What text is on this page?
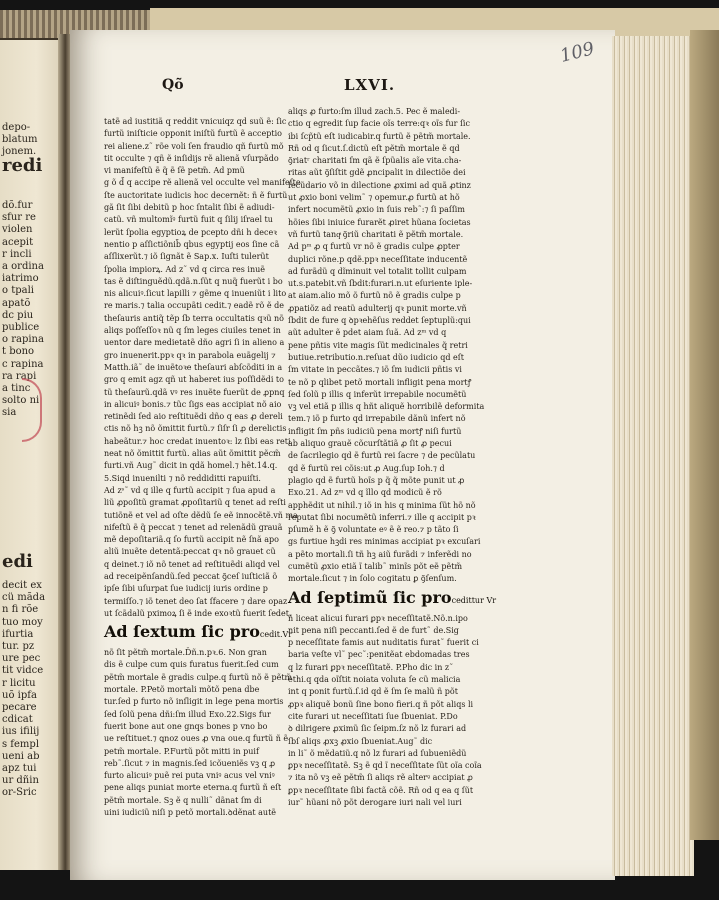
depo-
blatum
jonem.
redi
dõ.fur
sfur re
violen
acepit
r incli
a ordina
iatrimo
o tpali
apatõ
dc piu
publice
o rapina
t bono
c rapina
ra rapi
a tinc
solto ni
sia
edi
decit ex
cü mãda
n fi rõe
tuo moy
ifurtia
tur. pz
ure pec
tit vidce
r licitu
uõ ipfa
pecare
cdicat
ius ifilij
s fempl
ueni ab
apz tui
ur dñin
or-Sric
Qõ	LXVI.
109

tatẽ ad iustitiã q reddit vnicuiqz qd suũ ẽ: ſic

furtũ iniſticie opponit iniſtũ furtũ ẽ acceptio

rei aliene.z˜ rõe voli ſen fraudio qñ furtũ mõ

tit occulte ⁊ qñ ẽ inſidijs rẽ alienã vſurpãdo

vi manifeſtũ ẽ q̃ ẽ ſẽ petm̃. Ad pmũ

g õ d̃ q accipe rẽ alienã vel occulte vel manifeſte

ſte auctoritate iudicis hoc decernẽt: ñ ẽ furtũ

gã ſit ſibi debitũ p hoc ſntalit ſibi ẽ adiudi-

catũ. vñ multomĩꝰ furtũ fuit q ſilij iſrael tu

lerũt ſpolia egyptioꝝ de pcepto dñi h deceꝛ

nentio p aſſictiõnib̃ qbus egyptij eos ſine cã

aſſlixerũt.⁊ iõ ſignãt ẽ Sap.x. Iuſti tulerũt

ſpolia impiorꝝ. Ad z˜ vd q circa res inuẽ

tas ẽ diſtinguẽdũ.qdã.n.ſũt q nuq̃ fuerũt i bo

nis alicuiꝰ.ſicut lapilli ⁊ gẽme q inueniũt i lito

re maris.⁊ talia occupãti cedit.⁊ eadẽ rõ ẽ de

theſauris antiq̃ tẽp ſb terra occultatis qꝛũ nõ

aliqs poſſeſſoꝛ nũ q ſm leges ciuiles tenet in

uentor dare medietatẽ dño agri ſi in alieno a

gro inuenerit.ppꝛ qꝛ in parabola euãgelij ⁊

Matth.iã˜ de inuẽtoꝛe theſauri abſcõditi in a

gro q emit agz qñ ut haberet ius poſſidẽdi to

tũ theſaurũ.qdã vꝰ res inuẽte fuerũt de ꝓpnq

in alicuiꝰ bonis.⁊ tũc ſigs eas accipiat nõ aio

retinẽdi ſed aio reſtituẽdi dño q eas ꝓ dereli

ctis nõ hꝫ nõ õmittit furtũ.⁊ ſiſr ſi ꝓ derelictis

habeãtur.⁊ hoc credat inuentoꝛ: lz ſibi eas reti

neat nõ õmittit furtũ. alias aũt õmittit pẽcm̃

furti.vñ Aug˜ dicit in qdã homel.⁊ hẽt.14.q.

5.Siqd inuenilti ⁊ nõ reddiditti rapuiſti.

Ad zˢ˜ vd q ille q furtũ accipit ⁊ ſua apud a

liũ ꝓpoſitũ gramat ꝓpoſitariũ q tenet ad reſti

tutiõnẽ et vel ad oſte dẽdũ ſe eẽ innocẽtẽ.vñ ma

nifeſtũ ẽ q̃ peccat ⁊ tenet ad relenãdũ grauã

mẽ depoſitariã.q ſo furtũ accipit nẽ ſnã apo

aliũ inuẽte detentã:peccat qꝛ nõ grauet cũ

q deinet.⁊ iõ nõ tenet ad reſtituẽdi aliqd vel

ad receipẽnſandũ.ſed peccat ꝯ̃ceſ iuſticiã õ

ipſe ſibi uſurpat ſue iudicij iuris ordine p

termiſſo.⁊ iõ tenet deo ſat ſfacere ⁊ dare opaz

ut ſcãdalũ pximoꝝ ſi ẽ inde exoꝛtũ fuerit ſedet.

Ad ſextum ſic procedit.Vr

nõ ſit pẽtm̃ mortale.Ďñ.n.pꝛ.6. Non gran

dis ẽ culpe cum quis furatus fuerit.ſed cum

pẽtm̃ mortale ẽ gradis culpe.q furtũ nõ ẽ pẽtm̃

mortale. P.Petõ mortali mõtõ pena dbe

tur.ſed p furto nõ inſligit in lege pena mortis

ſed ſolũ pena dñi:ſm illud Exo.22.Sigs fur

fuerit bone aut one gnqs bones p vno bo

ue reſtituet.⁊ ꝗnoz oues ꝓ vna oue.q furtũ ñ ẽ

petm̃ mortale. P.Furtũ põt mitti in puif

reb˜.ſicut ⁊ in magnis.ſed icõueniẽs vꝫ q ꝓ

furto alicuiꝰ puẽ rei puta vniꝰ acus vel vniꝰ

pene aliqs puniat morte eterna.q furtũ ñ eſt

pẽtm̃ mortale. Sꝫ ẽ q nulli˜ dãnat ſm di

uini iudiciũ niſi p petõ mortali.ꝺdẽnat autẽ

aliqs ꝓ furto:ſm illud zach.5. Pec ẽ maledi-

ctio q egredit ſup facie oĩs terre:qꝛ oĩs fur ſic

ibi ſcp̃tũ eſt iudicabir.q furtũ ẽ pẽtm̃ mortale.

Rñ od q ſicut.ſ.dictũ eſt pẽtm̃ mortale ẽ qd

ꝯ̃riatʳ charitati ſm qã ẽ ſpũalis aĩe vita.cha-

ritas aũt ꝯ̃ſiſtit gdẽ ꝓncipalit in dilectiõe dei

ſecũdario võ in dilectione ꝓximi ad quã ꝓtinz

ut ꝓxio boni velim˜ ⁊ opemur.ꝓ furtũ at hõ

infert nocumẽtũ ꝓxio in ſuis reb˜:⁊ ſi paſſim

hõies ſibi iniuice furarẽt ꝓiret hũana ſocietas

vñ furtũ tanqͣ ꝯ̃riũ charitati ẽ pẽtm̃ mortale.

Ad pᵐ ꝓ q furtũ vr nõ ẽ gradis culpe ꝓpter

duplici rõne.p qdẽ.ppꝛ neceſſitate inducentẽ

ad furãdũ q dĩminuit vel totalit tollit culpam

ut.s.patebit.vñ ſbdit:furari.n.ut eſuriente iple-

at aiam.alio mõ õ furtũ nõ ẽ gradis culpe p

ꝓpatiõz ad reatũ adulterij qꝛ punit morte.vñ

ſbdit de fure q ꝺpꝛehẽſus reddet ſeptuplũ:qui

aũt adulter ẽ pdet aiam ſuã. Ad zᵐ vd q

pene pñtis vite magis ſũt medicinales q̃ retri

butiue.retributio.n.reſuat dũo iudicio qd eſt

ſm vitate in peccãtes.⁊ iõ ſm iudicii pñtis vi

te nõ p qlibet petõ mortali infligit pena mortꝭ

ſed ſolũ p illis q inferũt irrepabile nocumẽtũ

vꝫ vel etiã p illis q hñt aliquẽ horribilẽ deformita

tem.⁊ iõ p furto qd irrepabile dãnũ infert nõ

infligit ſm pñs iudiciũ pena mortꝭ niſi furtũ

ab aliquo grauẽ cõcurſtãtiã ꝓ ſit ꝓ pecui

de ſacrilegio qd ẽ furtũ rei ſacre ⁊ de pecũlatu

qd ẽ furtũ rei cõis:ut ꝓ Aug.ſup Ioh.⁊ d

plagio qd ẽ furtũ hoĩs p q̃ q̃ mõte punit ut ꝓ

Exo.21. Ad zᵐ vd q ĩllo qd modicũ ẽ rõ

apphẽdit ut nihil.⁊ iõ in his q minima ſũt hõ nõ

reputat ſibi nocumẽtũ inferri.⁊ ille q accipit pꝛ

pſumẽ h ẽ ꝯ̃ voluntate eꝰ ẽ ẽ reo.⁊ p tãto ſi

gs furtiue hꝫdi res minimas accipiat pꝛ excuſari

a pẽto mortali.ſi tñ hꝫ aiũ furãdi ⁊ inferẽdi no

cumẽtũ ꝓxio etiã ĩ talib˜ minĩs põt eẽ pẽtm̃

mortale.ſicut ⁊ in ſolo cogitatu ꝑ ꝯ̃ſenſum.

Ad ſeptimũ ſic procedittur Vr

ñ liceat alicui furari ꝑpꝛ neceſſitatẽ.Nõ.n.ipo

nit pena niſi peccanti.ſed ẽ de furt˜ de.Sig

p neceſſitate famis aut nuditatis furat˜ fuerit ci

baria veſte vl˜ pec˜:penitẽat ebdomadas tres

q lz furari ꝑpꝛ neceſſitatẽ. P.Pho dic in z˜

ethi.q qda oĩſtit noiata voluta ſe cũ malicia

int q ponit furtũ.ſ.id qd ẽ ſm ſe malũ ñ põt

ꝓpꝛ aliquẽ bonũ ſine bono fieri.q ñ põt aliqs li

cite furari ut neceſſitati ſue ſbueniat. P.Do

ꝺ dilrigere ꝓximũ ſic ſeipm.ſz nõ lz furari ad

ſbſ aliqs ꝓxꝫ ꝓxio ſbueniat.Aug˜ dic

in li˜ õ mẽdatiũ.q nõ lz furari ad ſubueniẽdũ

ꝑpꝛ neceſſitatẽ. Sꝫ ẽ qd ĩ neceſſitate ſũt oĩa coĩa

⁊ ita nõ vꝫ eẽ pẽtm̃ ſi aliqs rẽ alterꝰ accipiat ꝓ

ꝑpꝛ neceſſitate ſibi factã cõẽ. Rñ od q ea q ſũt

iur˜ hũani nõ põt derogare iuri nali vel iuri
